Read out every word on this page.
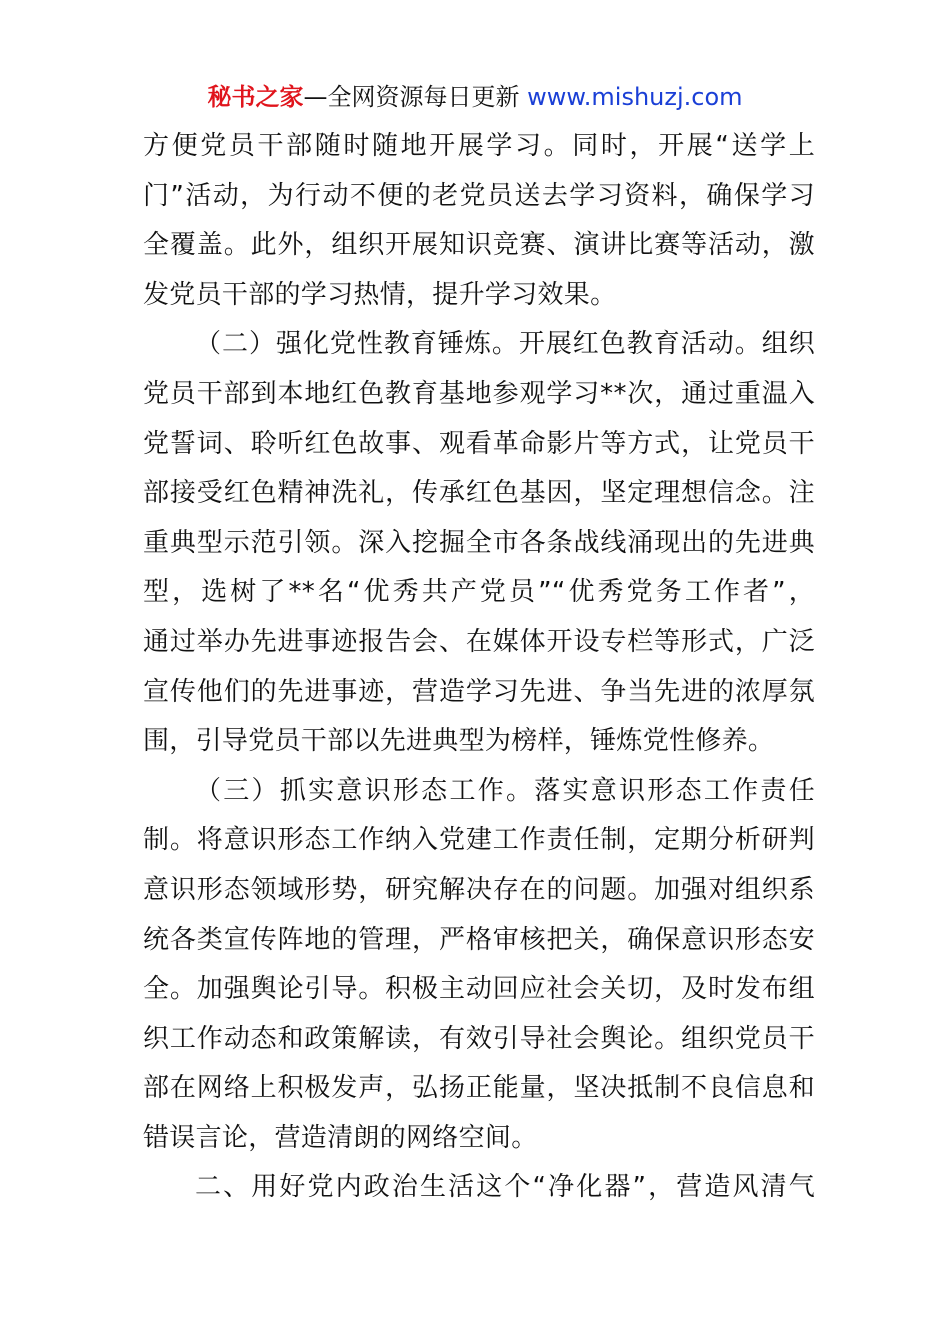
秘书之家—全网资源每日更新 www.mishuzj.com
方便党员干部随时随地开展学习。同时，开展“送学上
门”活动，为行动不便的老党员送去学习资料，确保学习
全覆盖。此外，组织开展知识竞赛、演讲比赛等活动，激
发党员干部的学习热情，提升学习效果。
（二）强化党性教育锤炼。开展红色教育活动。组织
党员干部到本地红色教育基地参观学习**次，通过重温入
党誓词、聆听红色故事、观看革命影片等方式，让党员干
部接受红色精神洗礼，传承红色基因，坚定理想信念。注
重典型示范引领。深入挖掘全市各条战线涌现出的先进典
型，选树了**名“优秀共产党员”“优秀党务工作者”，
通过举办先进事迹报告会、在媒体开设专栏等形式，广泛
宣传他们的先进事迹，营造学习先进、争当先进的浓厚氛
围，引导党员干部以先进典型为榜样，锤炼党性修养。
（三）抓实意识形态工作。落实意识形态工作责任
制。将意识形态工作纳入党建工作责任制，定期分析研判
意识形态领域形势，研究解决存在的问题。加强对组织系
统各类宣传阵地的管理，严格审核把关，确保意识形态安
全。加强舆论引导。积极主动回应社会关切，及时发布组
织工作动态和政策解读，有效引导社会舆论。组织党员干
部在网络上积极发声，弘扬正能量，坚决抵制不良信息和
错误言论，营造清朗的网络空间。
二、用好党内政治生活这个“净化器”，营造风清气
